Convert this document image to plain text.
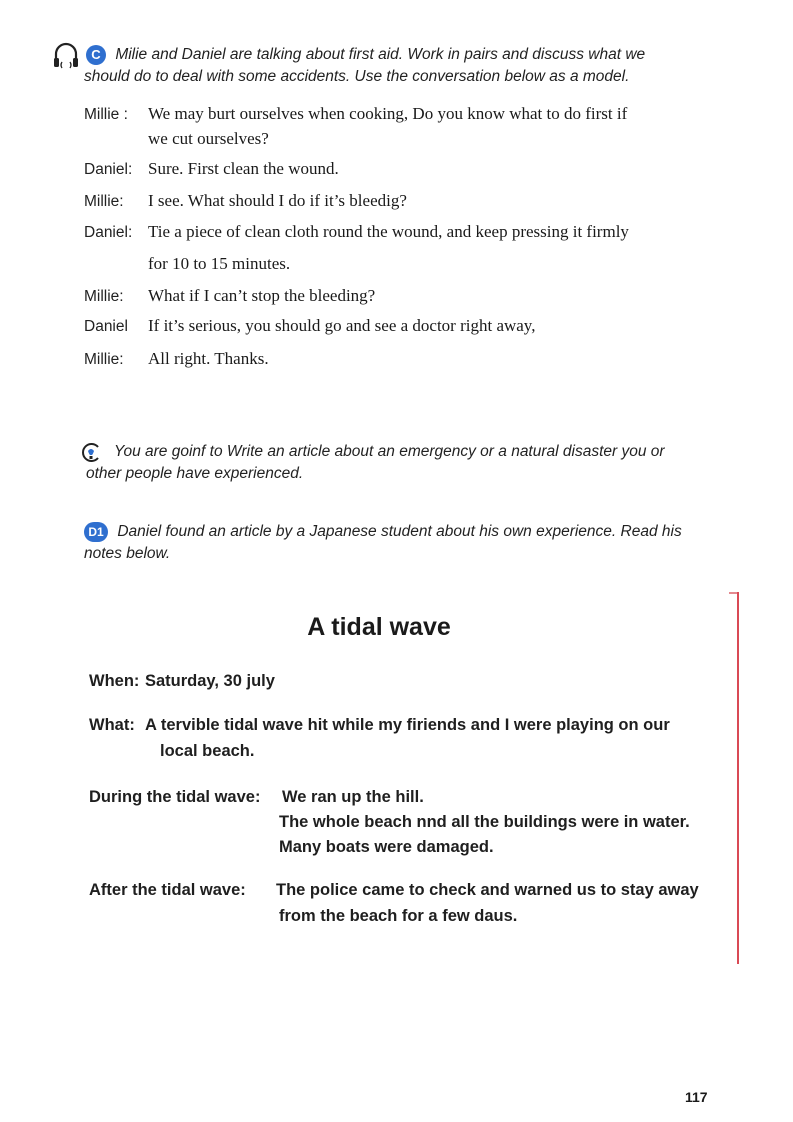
C Milie and Daniel are talking about first aid. Work in pairs and discuss what we
should do to deal with some accidents. Use the conversation below as a model.
Millie : We may burt ourselves when cooking, Do you know what to do first if
we cut ourselves?
Daniel: Sure. First clean the wound.
Millie: I see. What should I do if it’s bleedig?
Daniel: Tie a piece of clean cloth round the wound, and keep pressing it firmly
for 10 to 15 minutes.
Millie: What if I can’t stop the bleeding?
Daniel If it’s serious, you should go and see a doctor right away,
Millie: All right. Thanks.
You are goinf to Write an article about an emergency or a natural disaster you or
other people have experienced.
D1 Daniel found an article by a Japanese student about his own experience. Read his
notes below.
A tidal wave
When: Saturday, 30 july
What: A tervible tidal wave hit while my firiends and I were playing on our
local beach.
During the tidal wave: We ran up the hill.
The whole beach nnd all the buildings were in water.
Many boats were damaged.
After the tidal wave: The police came to check and warned us to stay away
from the beach for a few daus.
117
